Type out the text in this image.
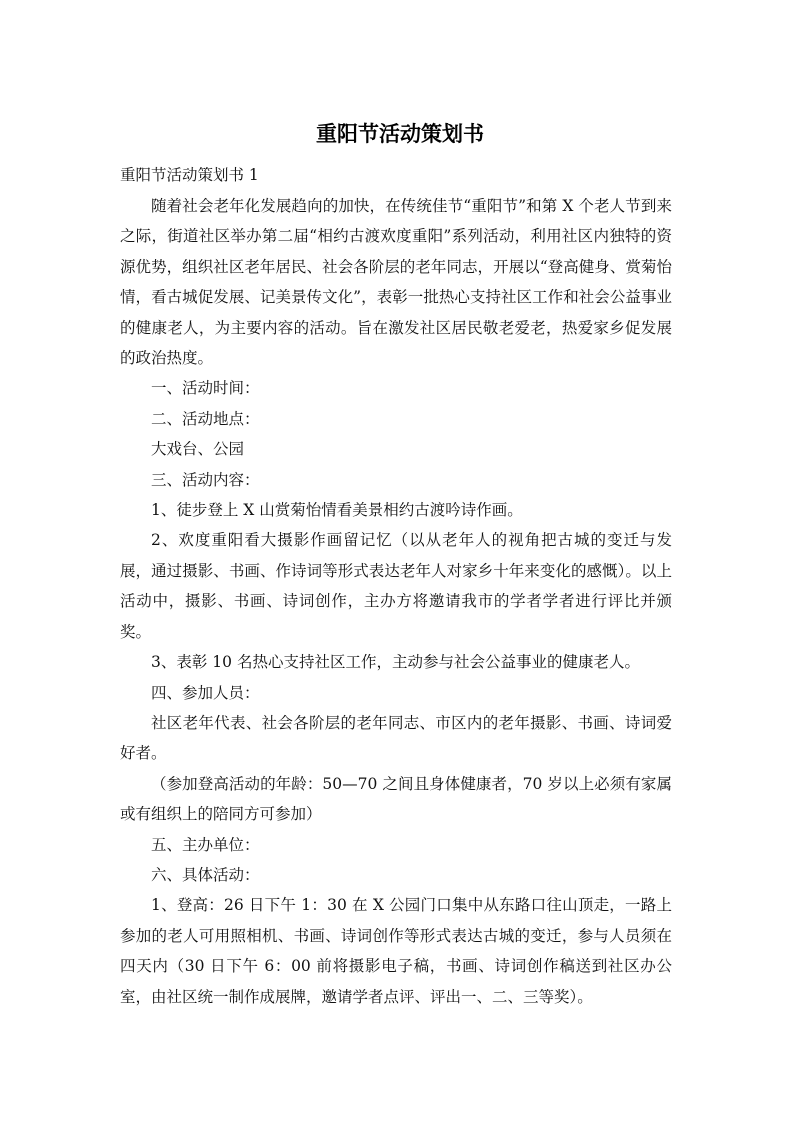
重阳节活动策划书
重阳节活动策划书 1

随着社会老年化发展趋向的加快，在传统佳节“重阳节”和第 X 个老人节到来之际，街道社区举办第二届“相约古渡欢度重阳”系列活动，利用社区内独特的资源优势，组织社区老年居民、社会各阶层的老年同志，开展以“登高健身、赏菊怡情，看古城促发展、记美景传文化”，表彰一批热心支持社区工作和社会公益事业的健康老人，为主要内容的活动。旨在激发社区居民敬老爱老，热爱家乡促发展的政治热度。

一、活动时间：

二、活动地点：

大戏台、公园

三、活动内容：

1、徒步登上 X 山赏菊怡情看美景相约古渡吟诗作画。

2、欢度重阳看大摄影作画留记忆（以从老年人的视角把古城的变迁与发展，通过摄影、书画、作诗词等形式表达老年人对家乡十年来变化的感慨）。以上活动中，摄影、书画、诗词创作，主办方将邀请我市的学者学者进行评比并颁奖。

3、表彰 10 名热心支持社区工作，主动参与社会公益事业的健康老人。

四、参加人员：

社区老年代表、社会各阶层的老年同志、市区内的老年摄影、书画、诗词爱好者。

（参加登高活动的年龄：50—70 之间且身体健康者，70 岁以上必须有家属或有组织上的陪同方可参加）

五、主办单位：

六、具体活动：

1、登高：26 日下午 1：30 在 X 公园门口集中从东路口往山顶走，一路上参加的老人可用照相机、书画、诗词创作等形式表达古城的变迁，参与人员须在四天内（30 日下午 6：00 前将摄影电子稿，书画、诗词创作稿送到社区办公室，由社区统一制作成展牌，邀请学者点评、评出一、二、三等奖）。
